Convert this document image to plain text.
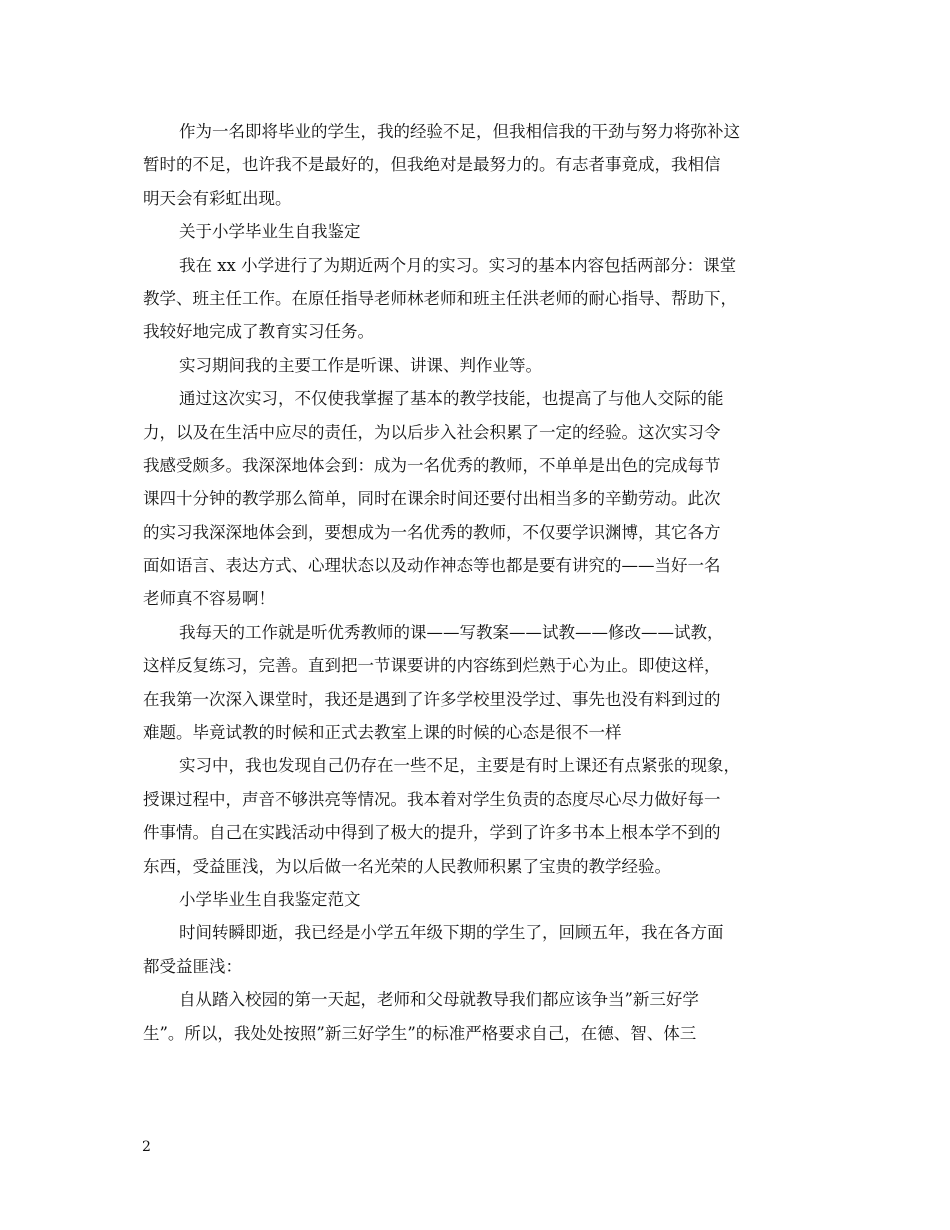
作为一名即将毕业的学生，我的经验不足，但我相信我的干劲与努力将弥补这
暂时的不足，也许我不是最好的，但我绝对是最努力的。有志者事竟成，我相信
明天会有彩虹出现。
关于小学毕业生自我鉴定
我在 xx 小学进行了为期近两个月的实习。实习的基本内容包括两部分：课堂
教学、班主任工作。在原任指导老师林老师和班主任洪老师的耐心指导、帮助下，
我较好地完成了教育实习任务。
实习期间我的主要工作是听课、讲课、判作业等。
通过这次实习，不仅使我掌握了基本的教学技能，也提高了与他人交际的能
力，以及在生活中应尽的责任，为以后步入社会积累了一定的经验。这次实习令
我感受颇多。我深深地体会到：成为一名优秀的教师，不单单是出色的完成每节
课四十分钟的教学那么简单，同时在课余时间还要付出相当多的辛勤劳动。此次
的实习我深深地体会到，要想成为一名优秀的教师，不仅要学识渊博，其它各方
面如语言、表达方式、心理状态以及动作神态等也都是要有讲究的——当好一名
老师真不容易啊！
我每天的工作就是听优秀教师的课——写教案——试教——修改——试教，
这样反复练习，完善。直到把一节课要讲的内容练到烂熟于心为止。即使这样，
在我第一次深入课堂时，我还是遇到了许多学校里没学过、事先也没有料到过的
难题。毕竟试教的时候和正式去教室上课的时候的心态是很不一样
实习中，我也发现自己仍存在一些不足，主要是有时上课还有点紧张的现象，
授课过程中，声音不够洪亮等情况。我本着对学生负责的态度尽心尽力做好每一
件事情。自己在实践活动中得到了极大的提升，学到了许多书本上根本学不到的
东西，受益匪浅，为以后做一名光荣的人民教师积累了宝贵的教学经验。
小学毕业生自我鉴定范文
时间转瞬即逝，我已经是小学五年级下期的学生了，回顾五年，我在各方面
都受益匪浅：
自从踏入校园的第一天起，老师和父母就教导我们都应该争当”新三好学
生”。所以，我处处按照”新三好学生”的标准严格要求自己，在德、智、体三
2
